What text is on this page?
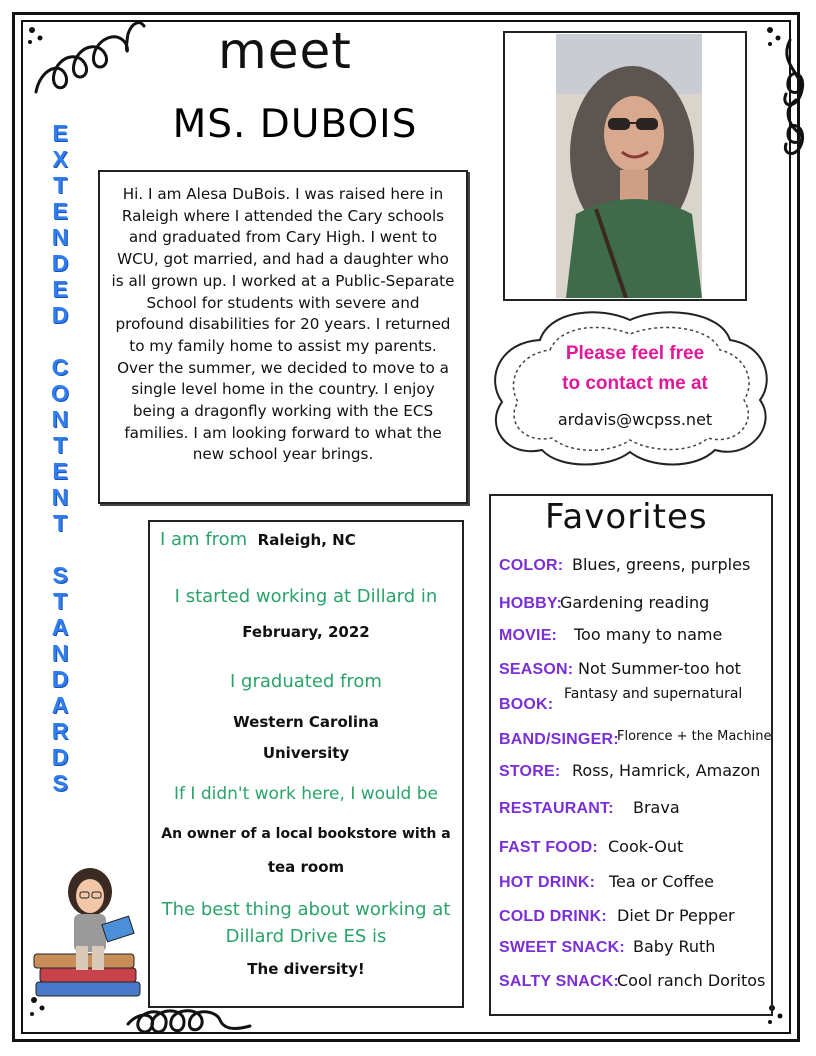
meet
MS. DUBOIS
E
X
T
E
N
D
E
D
C
O
N
T
E
N
T
S
T
A
N
D
A
R
D
S
Hi. I am Alesa DuBois. I was raised here in Raleigh where I attended the Cary schools and graduated from Cary High. I went to WCU, got married, and had a daughter who is all grown up. I worked at a Public-Separate School for students with severe and profound disabilities for 20 years. I returned to my family home to assist my parents. Over the summer, we decided to move to a single level home in the country. I enjoy being a dragonfly working with the ECS families. I am looking forward to what the new school year brings.
Please feel free
to contact me at
ardavis@wcpss.net
I am from Raleigh, NC
I started working at Dillard in
February, 2022
I graduated from
Western Carolina
University
If I didn't work here, I would be
An owner of a local bookstore with a
tea room
The best thing about working at
Dillard Drive ES is
The diversity!
Favorites
COLOR: Blues, greens, purples
HOBBY:
Gardening reading
MOVIE: Too many to name
SEASON: Not Summer-too hot
BOOK:
Fantasy and supernatural
BAND/SINGER:
Florence + the Machine
STORE: Ross, Hamrick, Amazon
RESTAURANT: Brava
FAST FOOD: Cook-Out
HOT DRINK: Tea or Coffee
COLD DRINK: Diet Dr Pepper
SWEET SNACK: Baby Ruth
SALTY SNACK:
Cool ranch Doritos
